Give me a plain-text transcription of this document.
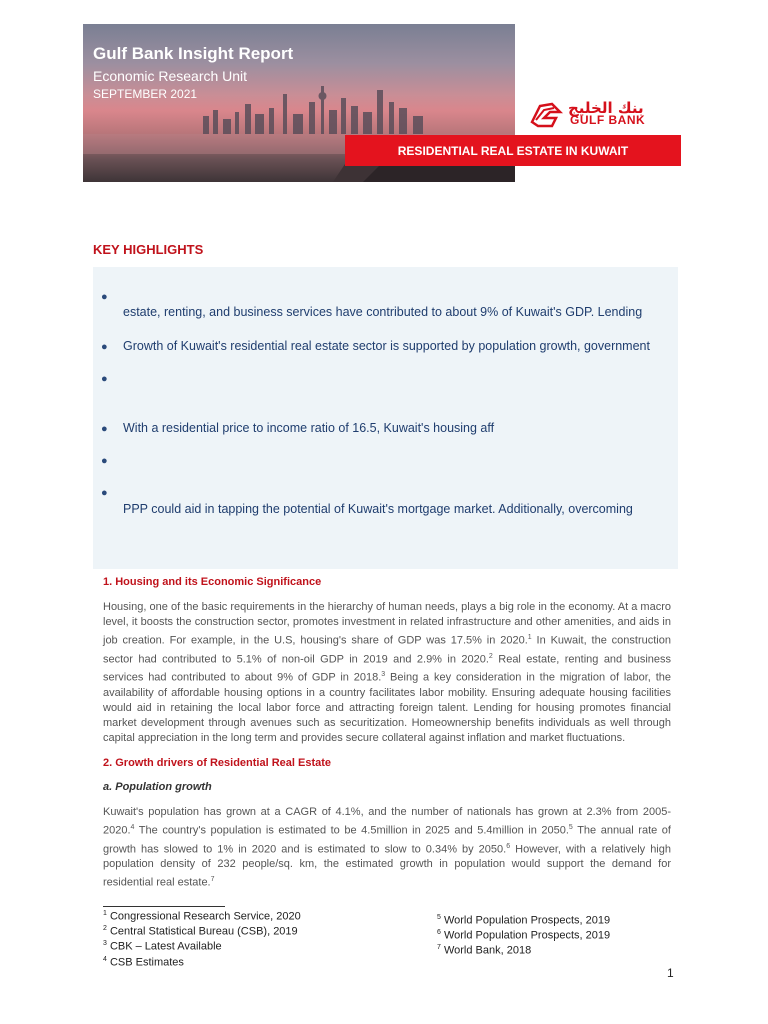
Gulf Bank Insight Report
Economic Research Unit
SEPTEMBER 2021
بنك الخليج
GULF BANK
RESIDENTIAL REAL ESTATE IN KUWAIT
KEY HIGHLIGHTS
●
estate, renting, and business services have contributed to about 9% of Kuwait's GDP. Lending
● Growth of Kuwait's residential real estate sector is supported by population growth, government
●
● With a residential price to income ratio of 16.5, Kuwait's housing aff
●
●
PPP could aid in tapping the potential of Kuwait's mortgage market. Additionally, overcoming
1. Housing and its Economic Significance
Housing, one of the basic requirements in the hierarchy of human needs, plays a big role in the economy. At a macro level, it boosts the construction sector, promotes investment in related infrastructure and other amenities, and aids in job creation. For example, in the U.S, housing's share of GDP was 17.5% in 2020.$^1$ In Kuwait, the construction sector had contributed to 5.1% of non-oil GDP in 2019 and 2.9% in 2020.$^2$ Real estate, renting and business services had contributed to about 9% of GDP in 2018.$^3$ Being a key consideration in the migration of labor, the availability of affordable housing options in a country facilitates labor mobility. Ensuring adequate housing facilities would aid in retaining the local labor force and attracting foreign talent. Lending for housing promotes financial market development through avenues such as securitization. Homeownership benefits individuals as well through capital appreciation in the long term and provides secure collateral against inflation and market fluctuations.
2. Growth drivers of Residential Real Estate
a. Population growth
Kuwait's population has grown at a CAGR of 4.1%, and the number of nationals has grown at 2.3% from 2005-2020.$^4$ The country's population is estimated to be 4.5million in 2025 and 5.4million in 2050.$^5$ The annual rate of growth has slowed to 1% in 2020 and is estimated to slow to 0.34% by 2050.$^6$ However, with a relatively high population density of 232 people/sq. km, the estimated growth in population would support the demand for residential real estate.$^7$
$^1$ Congressional Research Service, 2020
$^2$ Central Statistical Bureau (CSB), 2019
$^3$ CBK – Latest Available
$^4$ CSB Estimates
$^5$ World Population Prospects, 2019
$^6$ World Population Prospects, 2019
$^7$ World Bank, 2018
1
